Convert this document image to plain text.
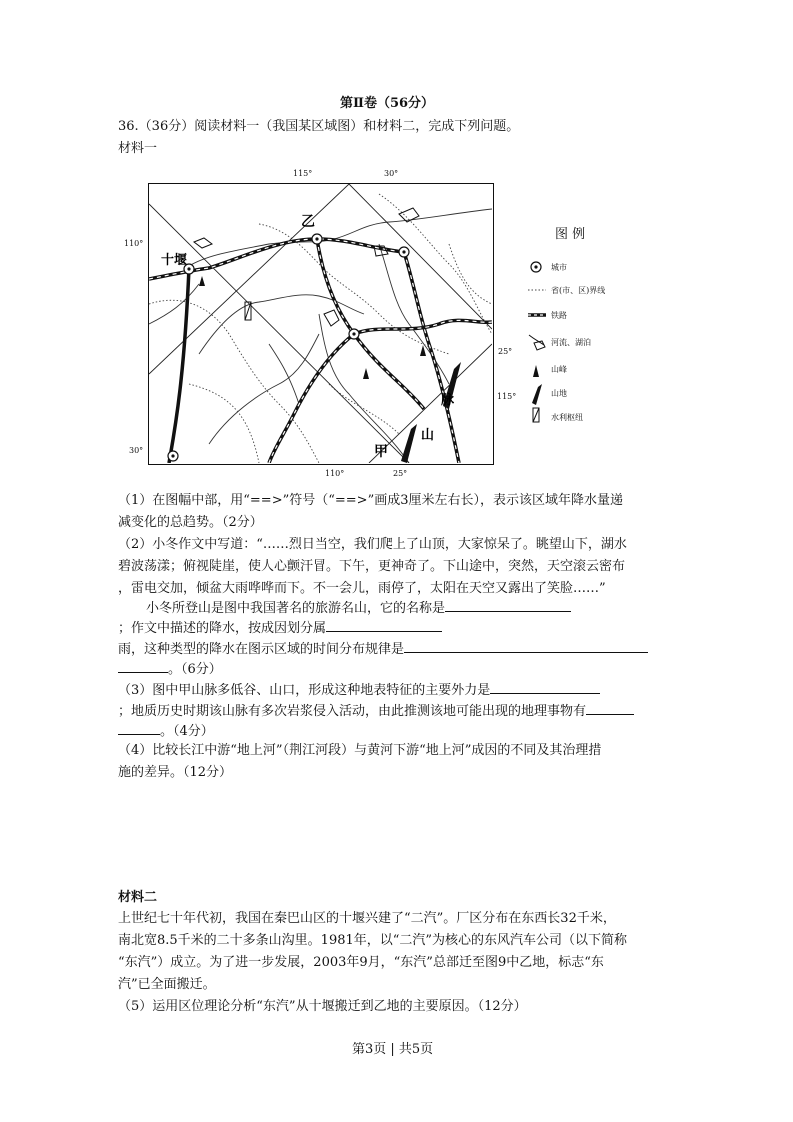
第Ⅱ卷（56分）
36.（36分）阅读材料一（我国某区域图）和材料二，完成下列问题。
材料一
十堰
乙
甲
山
脉
115°	30°
110°
30°
25°
115°
110°	25°
图 例
城市
省(市、区)界线
铁路
河流、湖泊
山峰
山地
水利枢纽
（1）在图幅中部，用“==>”符号（“==>”画成3厘米左右长），表示该区域年降水量递
减变化的总趋势。（2分）
（2）小冬作文中写道：“……烈日当空，我们爬上了山顶，大家惊呆了。眺望山下，湖水
碧波荡漾；俯视陡崖，使人心颤汗冒。下午，更神奇了。下山途中，突然，天空滚云密布
，雷电交加，倾盆大雨哗哗而下。不一会儿，雨停了，太阳在天空又露出了笑脸……”
小冬所登山是图中我国著名的旅游名山，它的名称是
；作文中描述的降水，按成因划分属
雨，这种类型的降水在图示区域的时间分布规律是
。（6分）
（3）图中甲山脉多低谷、山口，形成这种地表特征的主要外力是
；地质历史时期该山脉有多次岩浆侵入活动，由此推测该地可能出现的地理事物有
。（4分）
（4）比较长江中游“地上河”（荆江河段）与黄河下游“地上河”成因的不同及其治理措
施的差异。（12分）
材料二
上世纪七十年代初，我国在秦巴山区的十堰兴建了“二汽”。厂区分布在东西长32千米，
南北宽8.5千米的二十多条山沟里。1981年，以“二汽”为核心的东风汽车公司（以下简称
“东汽”）成立。为了进一步发展，2003年9月，“东汽”总部迁至图9中乙地，标志“东
汽”已全面搬迁。
（5）运用区位理论分析“东汽”从十堰搬迁到乙地的主要原因。（12分）
第3页 | 共5页
